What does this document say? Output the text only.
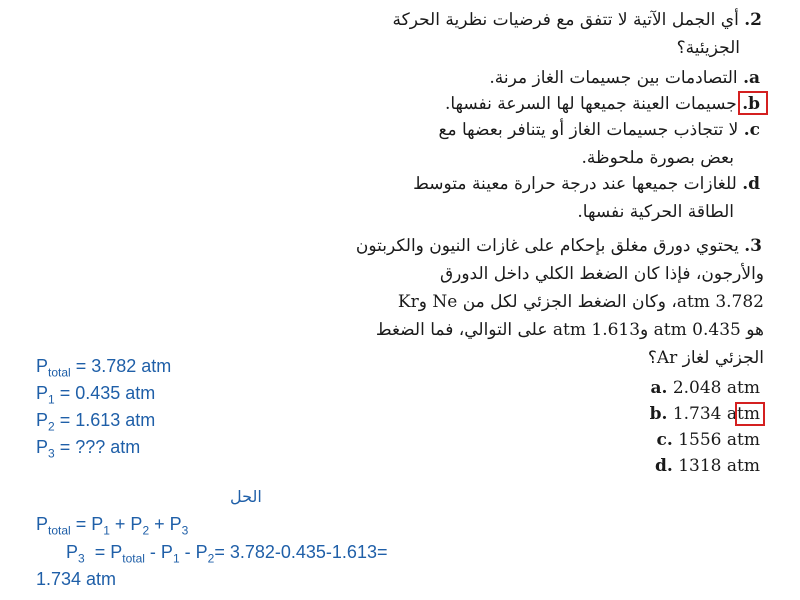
2. أي الجمل الآتية لا تتفق مع فرضيات نظرية الحركة
الجزيئية؟
a. التصادمات بين جسيمات الغاز مرنة.
b. جسيمات العينة جميعها لها السرعة نفسها.
c. لا تتجاذب جسيمات الغاز أو يتنافر بعضها مع
بعض بصورة ملحوظة.
d. للغازات جميعها عند درجة حرارة معينة متوسط
الطاقة الحركية نفسها.
3. يحتوي دورق مغلق بإحكام على غازات النيون والكربتون
والأرجون، فإذا كان الضغط الكلي داخل الدورق
3.782 atm، وكان الضغط الجزئي لكل من Ne وKr
هو 0.435 atm و1.613 atm على التوالي، فما الضغط
الجزئي لغاز Ar؟
a. 2.048 atm
b. 1.734 atm
c. 1556 atm
d. 1318 atm
$P_{total} = 3.782$ atm
$P_1 = 0.435$ atm
$P_2 = 1.613$ atm
$P_3$ = ??? atm
الحل
$P_{total} = P_1 + P_2 + P_3$
$P_3 = P_{total} - P_1 - P_2= 3.782-0.435-1.613=$
1.734 atm
